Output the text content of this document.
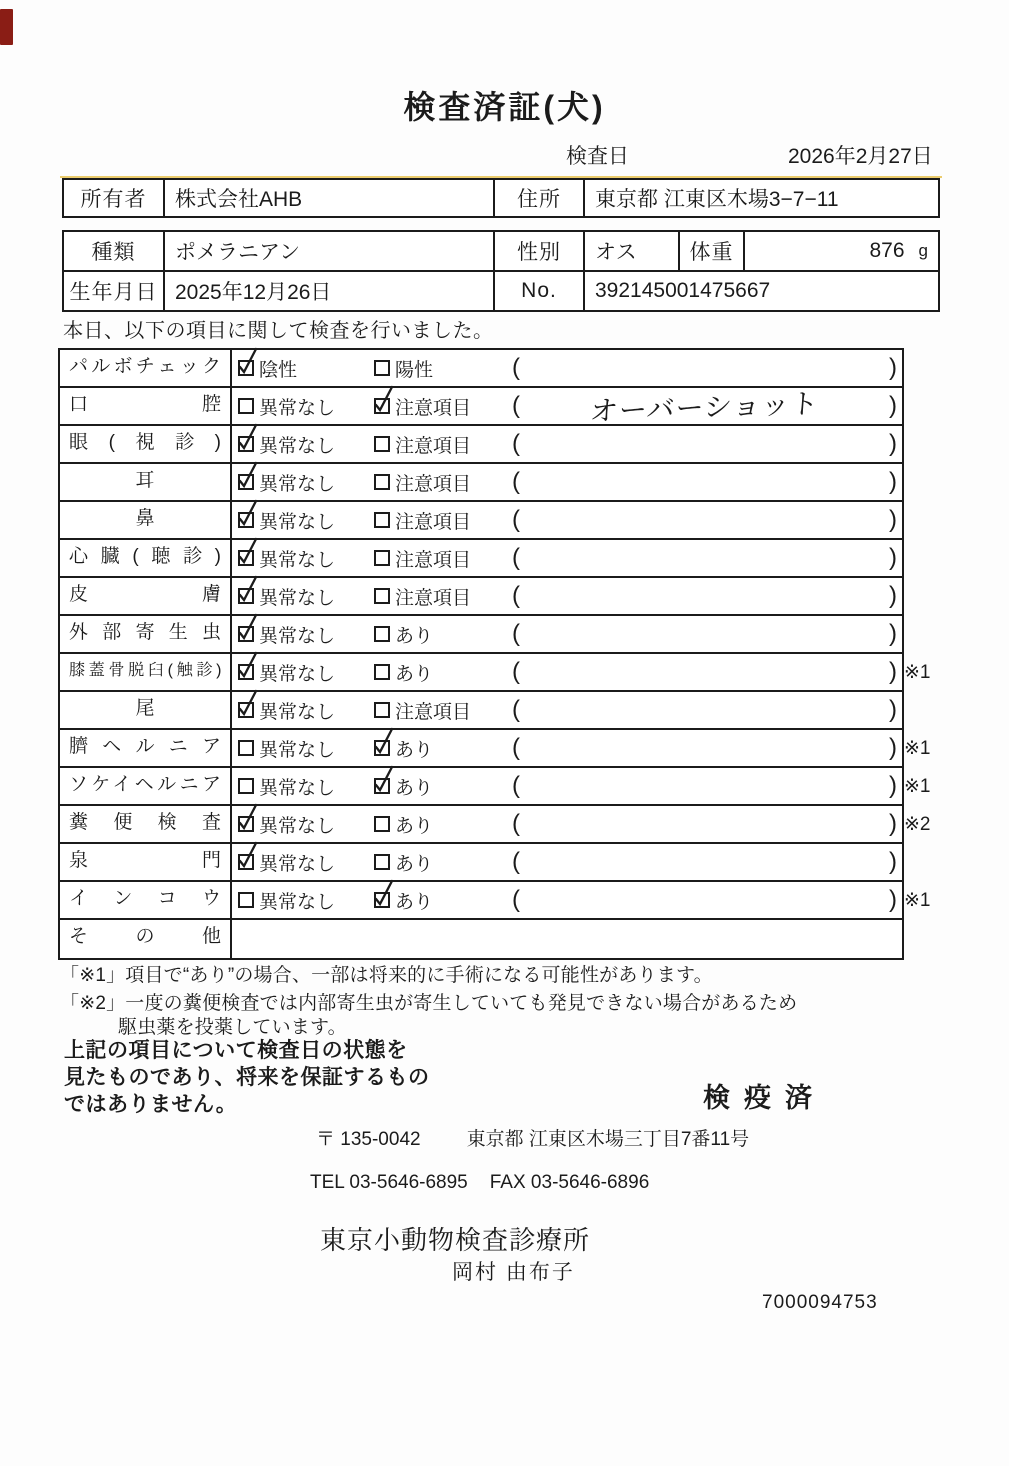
検査済証(犬)
検査日	2026年2月27日
所有者	株式会社AHB	住所	東京都 江東区木場3−7−11
種類	ポメラニアン	性別	オス	体重	876 g
生年月日 2025年12月26日	No.	392145001475667
本日、以下の項目に関して検査を行いました。
パルボチェック	陰性	陽性	(	)
口腔	異常なし	注意項目 (	オーバーショット	)
眼(視診)	異常なし	注意項目 (	)
耳	異常なし	注意項目 (	)
鼻	異常なし	注意項目 (	)
心臓(聴診)	異常なし	注意項目 (	)
皮膚	異常なし	注意項目 (	)
外部寄生虫	異常なし	あり	(	)
膝蓋骨脱臼(触診)	異常なし	あり	(	) ※1
尾	異常なし	注意項目 (	)
臍ヘルニア	異常なし	あり	(	) ※1
ソケイヘルニア	異常なし	あり	(	) ※1
糞便検査	異常なし	あり	(	) ※2
泉門	異常なし	あり	(	)
インコウ	異常なし	あり	(	) ※1
その他
「※1」項目で“あり”の場合、一部は将来的に手術になる可能性があります。
「※2」一度の糞便検査では内部寄生虫が寄生していても発見できない場合があるため
駆虫薬を投薬しています。
上記の項目について検査日の状態を
見たものであり、将来を保証するもの
ではありません。	検疫済
〒 135-0042 東京都 江東区木場三丁目7番11号
TEL 03-5646-6895 FAX 03-5646-6896
東京小動物検査診療所
岡村 由布子
7000094753
